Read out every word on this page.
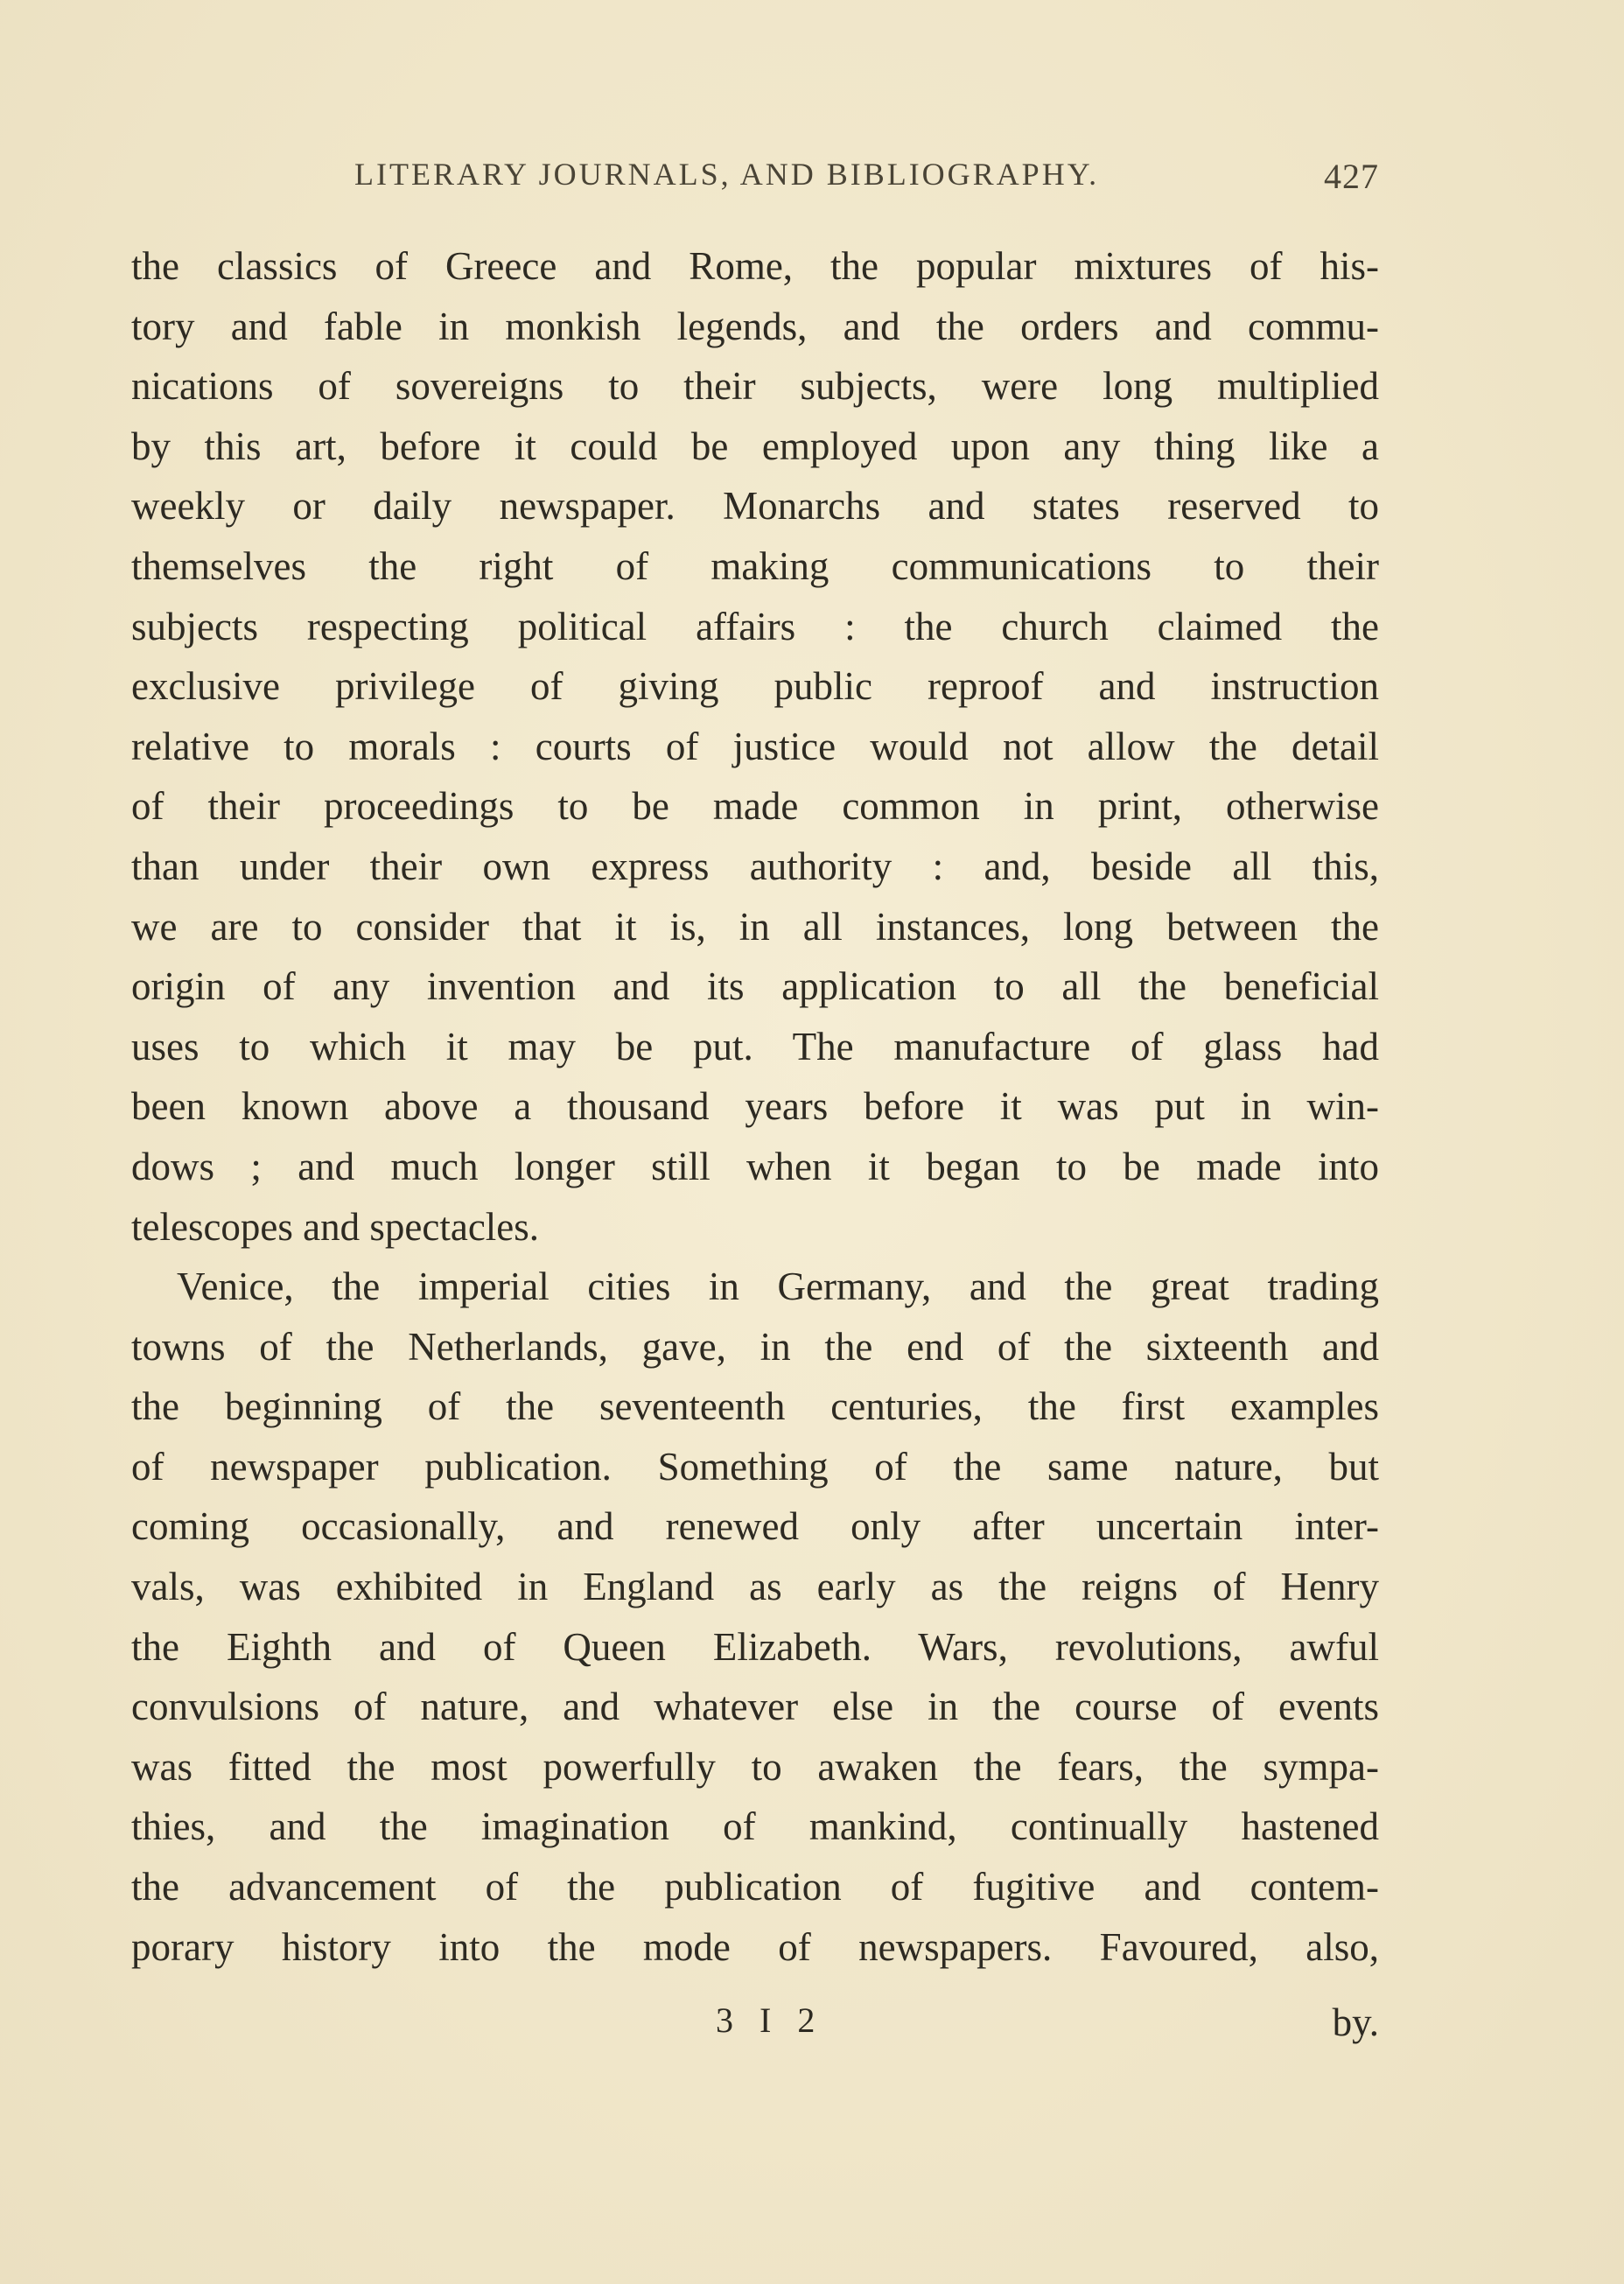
LITERARY JOURNALS, AND BIBLIOGRAPHY.	427
the classics of Greece and Rome, the popular mixtures of his-
tory and fable in monkish legends, and the orders and commu-
nications of sovereigns to their subjects, were long multiplied
by this art, before it could be employed upon any thing like a
weekly or daily newspaper. Monarchs and states reserved to
themselves the right of making communications to their
subjects respecting political affairs : the church claimed the
exclusive privilege of giving public reproof and instruction
relative to morals : courts of justice would not allow the detail
of their proceedings to be made common in print, otherwise
than under their own express authority : and, beside all this,
we are to consider that it is, in all instances, long between the
origin of any invention and its application to all the beneficial
uses to which it may be put. The manufacture of glass had
been known above a thousand years before it was put in win-
dows ; and much longer still when it began to be made into
telescopes and spectacles.
Venice, the imperial cities in Germany, and the great trading
towns of the Netherlands, gave, in the end of the sixteenth and
the beginning of the seventeenth centuries, the first examples
of newspaper publication. Something of the same nature, but
coming occasionally, and renewed only after uncertain inter-
vals, was exhibited in England as early as the reigns of Henry
the Eighth and of Queen Elizabeth. Wars, revolutions, awful
convulsions of nature, and whatever else in the course of events
was fitted the most powerfully to awaken the fears, the sympa-
thies, and the imagination of mankind, continually hastened
the advancement of the publication of fugitive and contem-
porary history into the mode of newspapers. Favoured, also,
3 I 2	by.
